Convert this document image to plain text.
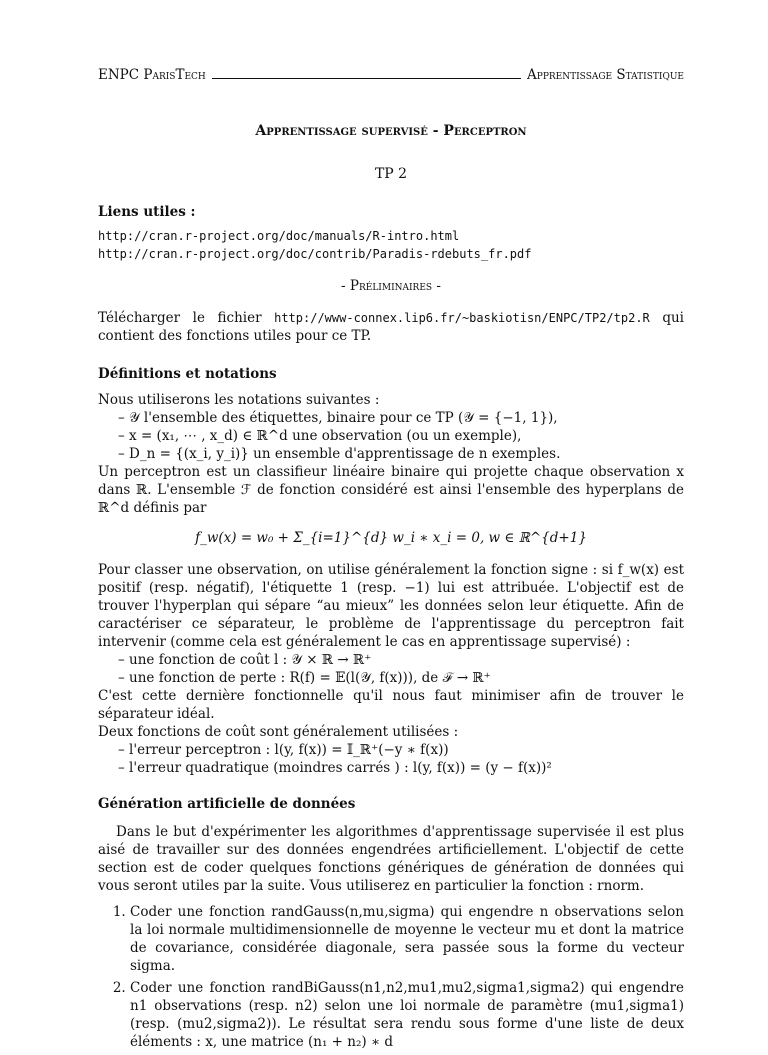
ENPC ParisTech	Apprentissage Statistique
Apprentissage supervisé - Perceptron
TP 2
Liens utiles :
http://cran.r-project.org/doc/manuals/R-intro.html
http://cran.r-project.org/doc/contrib/Paradis-rdebuts_fr.pdf
- Préliminaires -

Télécharger le fichier http://www-connex.lip6.fr/~baskiotisn/ENPC/TP2/tp2.R qui contient des fonctions utiles pour ce TP.

Définitions et notations

Nous utiliserons les notations suivantes :

– 𝒴 l'ensemble des étiquettes, binaire pour ce TP (𝒴 = {−1, 1}),
– x = (x₁, ⋯ , x_d) ∈ ℝ^d une observation (ou un exemple),
– D_n = {(x_i, y_i)} un ensemble d'apprentissage de n exemples.

Un perceptron est un classifieur linéaire binaire qui projette chaque observation x dans ℝ. L'ensemble ℱ de fonction considéré est ainsi l'ensemble des hyperplans de ℝ^d définis par

f_w(x) = w₀ + Σ_{i=1}^{d} w_i ∗ x_i = 0, w ∈ ℝ^{d+1}

Pour classer une observation, on utilise généralement la fonction signe : si f_w(x) est positif (resp. négatif), l'étiquette 1 (resp. −1) lui est attribuée. L'objectif est de trouver l'hyperplan qui sépare “au mieux” les données selon leur étiquette. Afin de caractériser ce séparateur, le problème de l'apprentissage du perceptron fait intervenir (comme cela est généralement le cas en apprentissage supervisé) :

– une fonction de coût l : 𝒴 × ℝ → ℝ⁺
– une fonction de perte : R(f) = 𝔼(l(𝒴, f(x))), de ℱ → ℝ⁺

C'est cette dernière fonctionnelle qu'il nous faut minimiser afin de trouver le séparateur idéal.

Deux fonctions de coût sont généralement utilisées :

– l'erreur perceptron : l(y, f(x)) = 𝕀_ℝ⁺(−y ∗ f(x))
– l'erreur quadratique (moindres carrés ) : l(y, f(x)) = (y − f(x))²
Génération artificielle de données

Dans le but d'expérimenter les algorithmes d'apprentissage supervisée il est plus aisé de travailler sur des données engendrées artificiellement. L'objectif de cette section est de coder quelques fonctions génériques de génération de données qui vous seront utiles par la suite. Vous utiliserez en particulier la fonction : rnorm.

1. Coder une fonction randGauss(n,mu,sigma) qui engendre n observations selon la loi normale multidimensionnelle de moyenne le vecteur mu et dont la matrice de covariance, considérée diagonale, sera passée sous la forme du vecteur sigma.
2. Coder une fonction randBiGauss(n1,n2,mu1,mu2,sigma1,sigma2) qui engendre n1 observations (resp. n2) selon une loi normale de paramètre (mu1,sigma1) (resp. (mu2,sigma2)). Le résultat sera rendu sous forme d'une liste de deux éléments : x, une matrice (n₁ + n₂) ∗ d
